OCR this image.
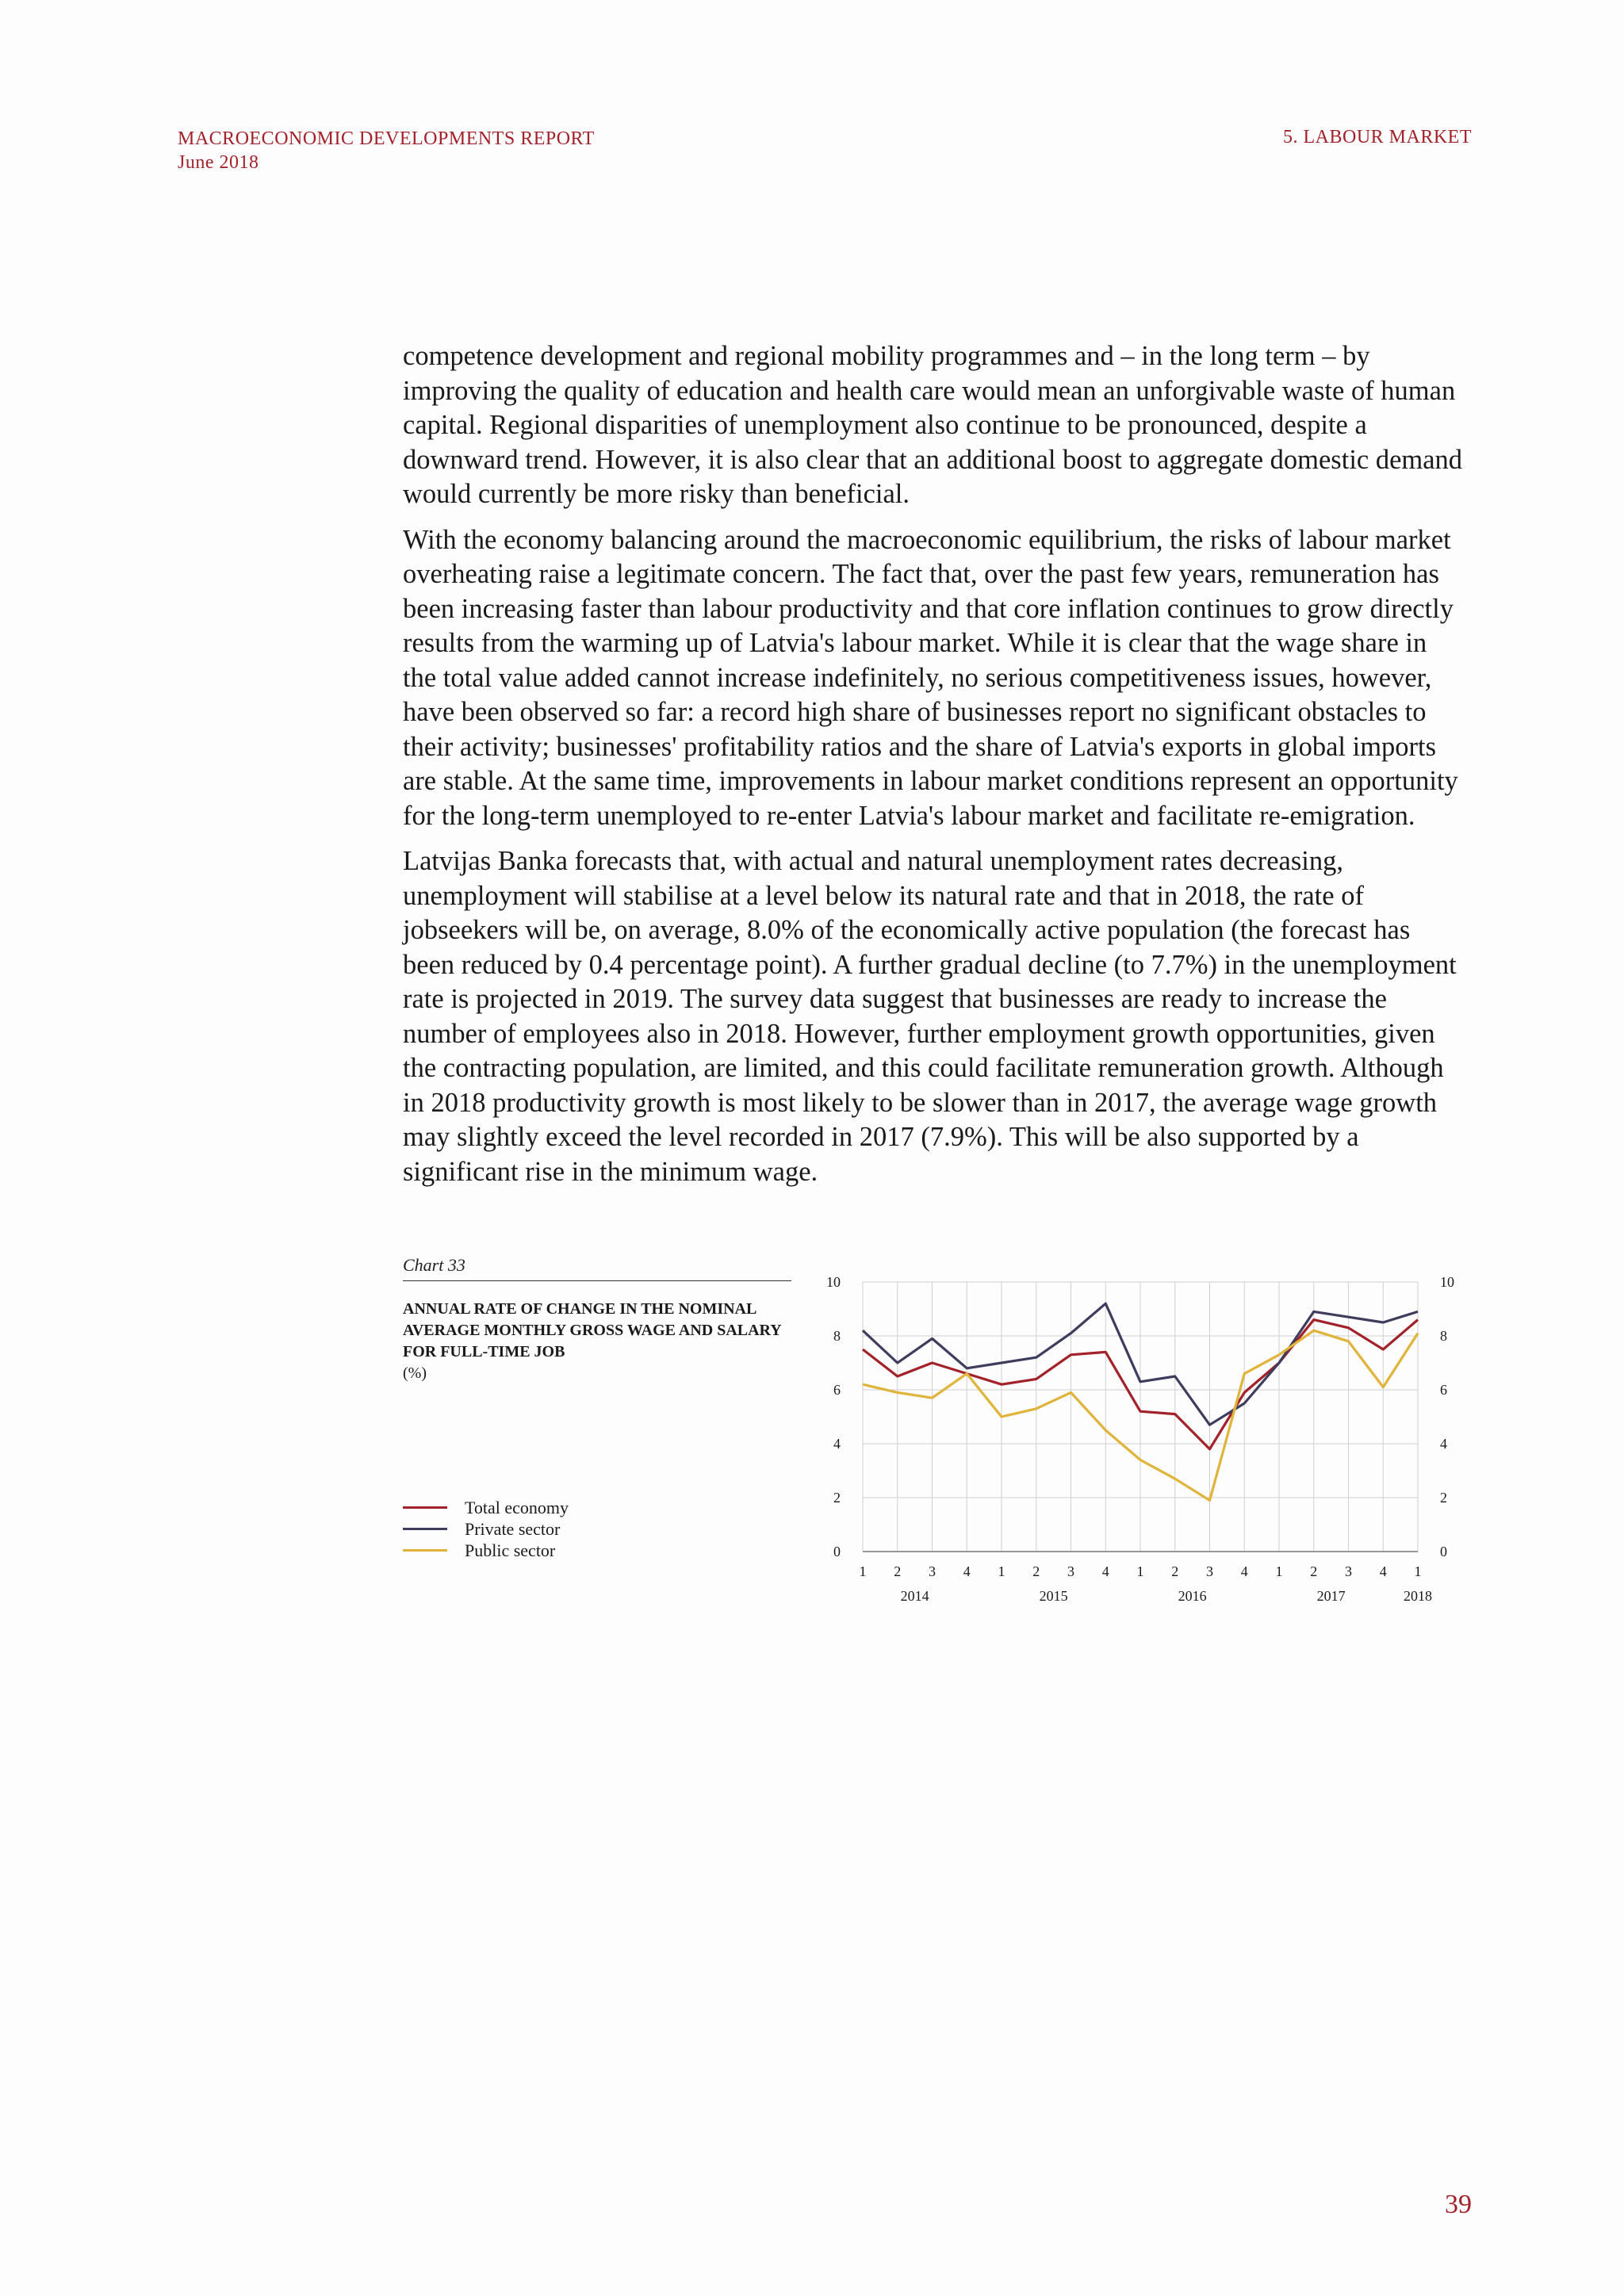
MACROECONOMIC DEVELOPMENTS REPORT
June 2018
5. LABOUR MARKET

competence development and regional mobility programmes and – in the long term – by improving the quality of education and health care would mean an unforgivable waste of human capital. Regional disparities of unemployment also continue to be pronounced, despite a downward trend. However, it is also clear that an additional boost to aggregate domestic demand would currently be more risky than beneficial.

With the economy balancing around the macroeconomic equilibrium, the risks of labour market overheating raise a legitimate concern. The fact that, over the past few years, remuneration has been increasing faster than labour productivity and that core inflation continues to grow directly results from the warming up of Latvia's labour market. While it is clear that the wage share in the total value added cannot increase indefinitely, no serious competitiveness issues, however, have been observed so far: a record high share of businesses report no significant obstacles to their activity; businesses' profitability ratios and the share of Latvia's exports in global imports are stable. At the same time, improvements in labour market conditions represent an opportunity for the long-term unemployed to re-enter Latvia's labour market and facilitate re-emigration.

Latvijas Banka forecasts that, with actual and natural unemployment rates decreasing, unemployment will stabilise at a level below its natural rate and that in 2018, the rate of jobseekers will be, on average, 8.0% of the economically active population (the forecast has been reduced by 0.4 percentage point). A further gradual decline (to 7.7%) in the unemployment rate is projected in 2019. The survey data suggest that businesses are ready to increase the number of employees also in 2018. However, further employment growth opportunities, given the contracting population, are limited, and this could facilitate remuneration growth. Although in 2018 productivity growth is most likely to be slower than in 2017, the average wage growth may slightly exceed the level recorded in 2017 (7.9%). This will be also supported by a significant rise in the minimum wage.

Chart 33
ANNUAL RATE OF CHANGE IN THE NOMINAL AVERAGE MONTHLY GROSS WAGE AND SALARY FOR FULL-TIME JOB
(%)
Total economy
Private sector
Public sector	0	0
2	2
4	4
6	6
8	8
10	10
1 2 3 4 1 2 3 4 1 2 3 4 1 2 3 4 1
2014	2015	2016	2017	2018
39
